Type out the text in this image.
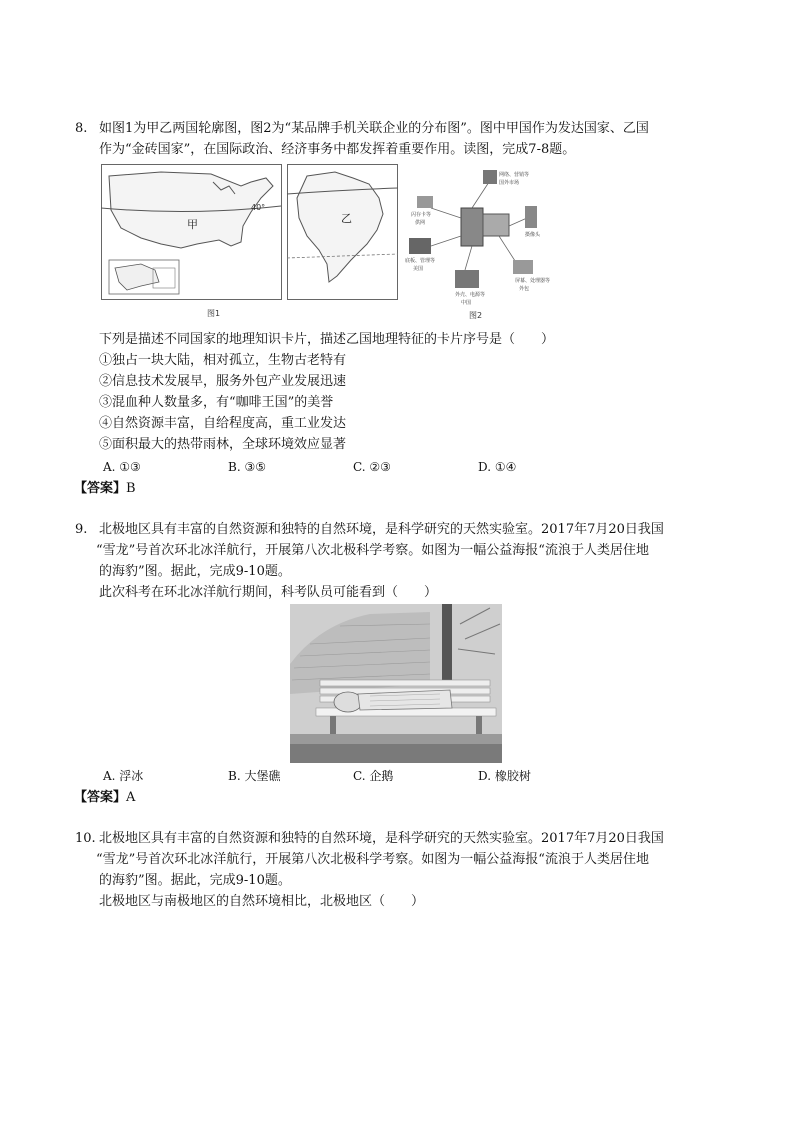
8. 如图1为甲乙两国轮廓图，图2为“某品牌手机关联企业的分布图”。图中甲国作为发达国家、乙国
作为“金砖国家”，在国际政治、经济事务中都发挥着重要作用。读图，完成7-8题。
40°
甲	乙
图1
网络、营销等
国外市场
闪存卡等
供网
摄像头
底板、管理等
美国
屏幕、处理器等
外包
外壳、电源等
中国
图2
下列是描述不同国家的地理知识卡片，描述乙国地理特征的卡片序号是（　　）
①独占一块大陆，相对孤立，生物古老特有
②信息技术发展早，服务外包产业发展迅速
③混血种人数量多，有“咖啡王国”的美誉
④自然资源丰富，自给程度高，重工业发达
⑤面积最大的热带雨林，全球环境效应显著
A. ①③	B. ③⑤	C. ②③	D. ①④
【答案】B
9. 北极地区具有丰富的自然资源和独特的自然环境，是科学研究的天然实验室。2017年7月20日我国
“雪龙”号首次环北冰洋航行，开展第八次北极科学考察。如图为一幅公益海报“流浪于人类居住地
的海豹”图。据此，完成9-10题。
此次科考在环北冰洋航行期间，科考队员可能看到（　　）
A. 浮冰	B. 大堡礁	C. 企鹅	D. 橡胶树
【答案】A
10. 北极地区具有丰富的自然资源和独特的自然环境，是科学研究的天然实验室。2017年7月20日我国
“雪龙”号首次环北冰洋航行，开展第八次北极科学考察。如图为一幅公益海报“流浪于人类居住地
的海豹”图。据此，完成9-10题。
北极地区与南极地区的自然环境相比，北极地区（　　）
